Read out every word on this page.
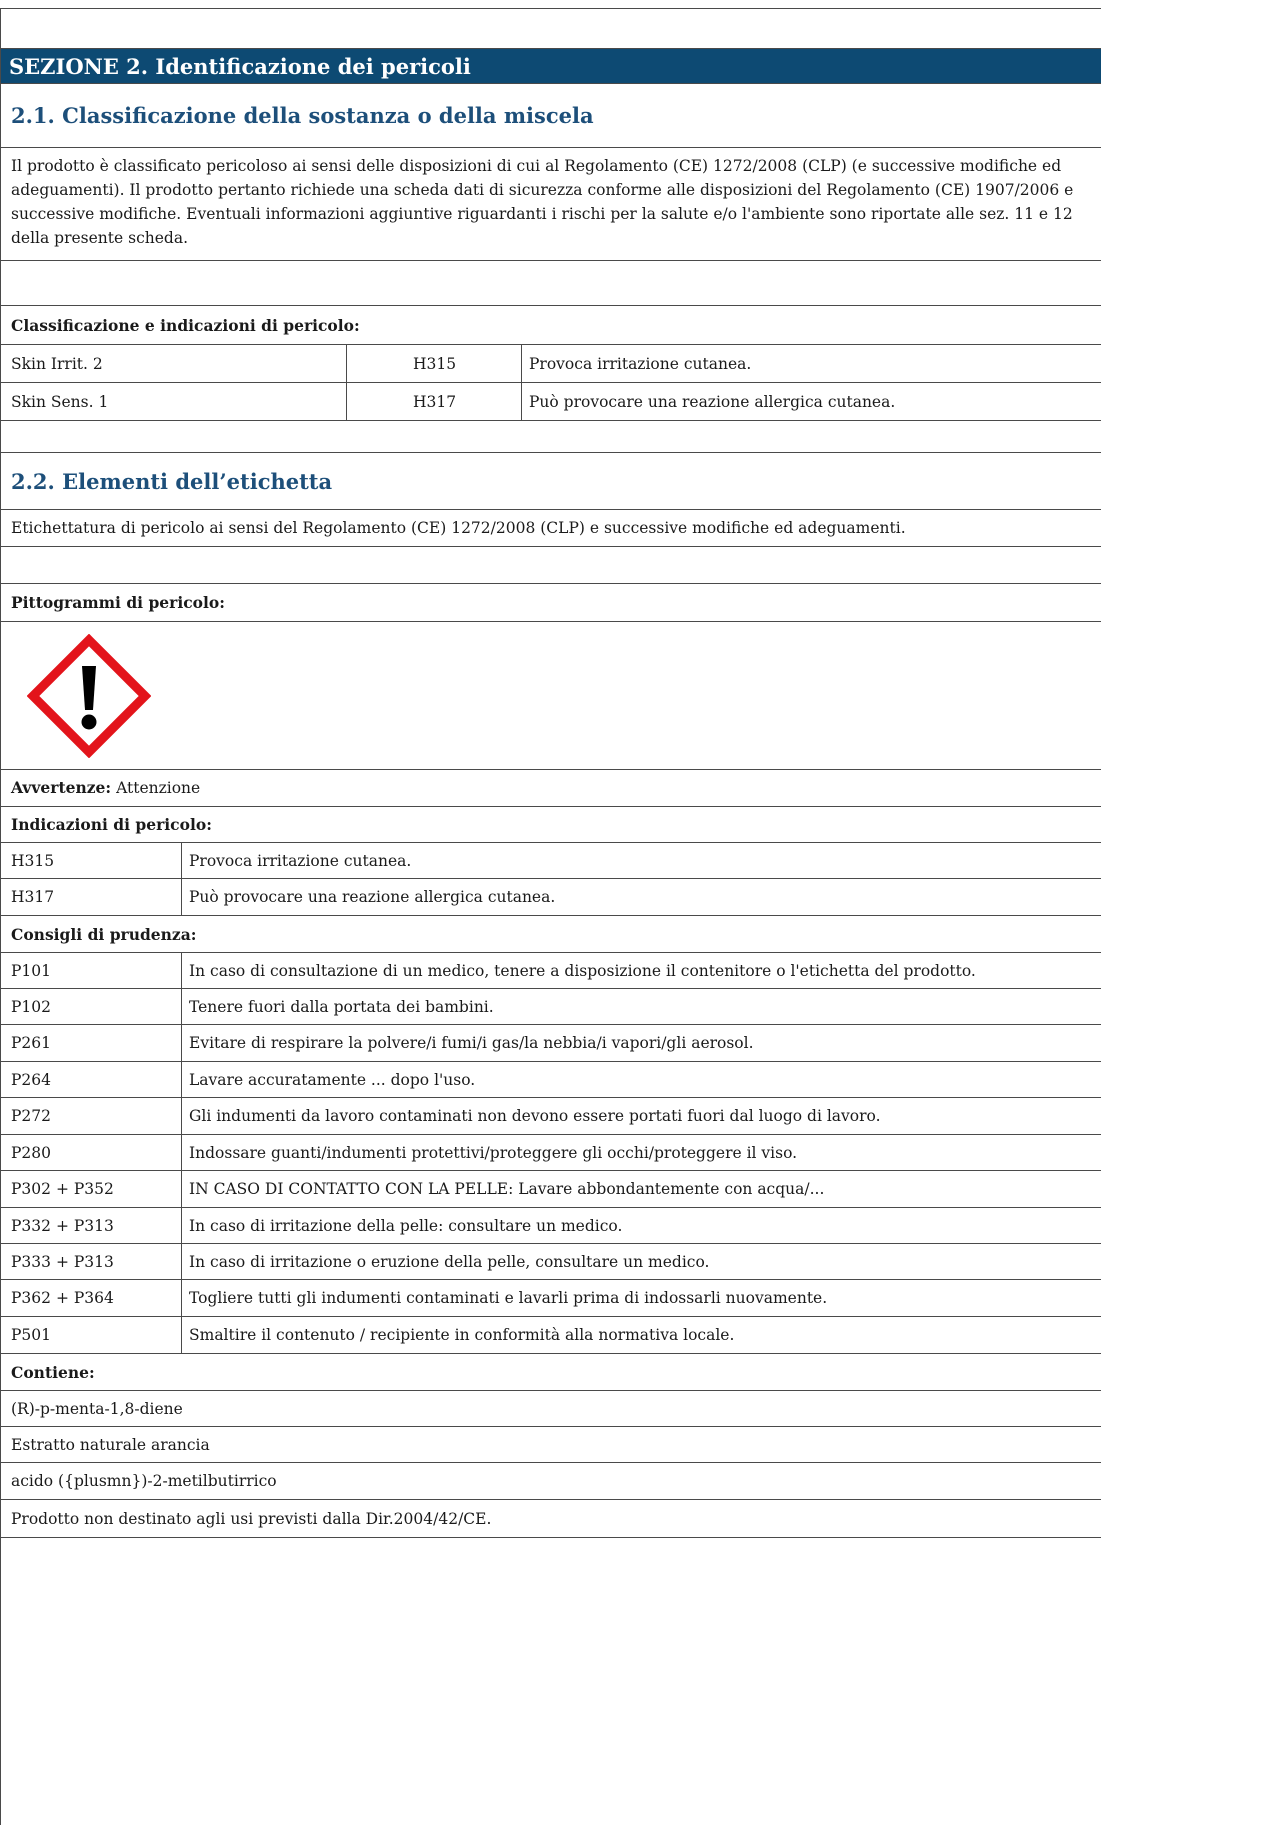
SEZIONE 2. Identificazione dei pericoli
2.1. Classificazione della sostanza o della miscela
Il prodotto è classificato pericoloso ai sensi delle disposizioni di cui al Regolamento (CE) 1272/2008 (CLP) (e successive modifiche ed
adeguamenti). Il prodotto pertanto richiede una scheda dati di sicurezza conforme alle disposizioni del Regolamento (CE) 1907/2006 e
successive modifiche. Eventuali informazioni aggiuntive riguardanti i rischi per la salute e/o l'ambiente sono riportate alle sez. 11 e 12
della presente scheda.
Classificazione e indicazioni di pericolo:
Skin Irrit. 2	H315	Provoca irritazione cutanea.
Skin Sens. 1	H317	Può provocare una reazione allergica cutanea.
2.2. Elementi dell’etichetta
Etichettatura di pericolo ai sensi del Regolamento (CE) 1272/2008 (CLP) e successive modifiche ed adeguamenti.
Pittogrammi di pericolo:
Avvertenze:
Attenzione
Indicazioni di pericolo:
H315	Provoca irritazione cutanea.
H317	Può provocare una reazione allergica cutanea.
Consigli di prudenza:
P101	In caso di consultazione di un medico, tenere a disposizione il contenitore o l'etichetta del prodotto.
P102	Tenere fuori dalla portata dei bambini.
P261	Evitare di respirare la polvere/i fumi/i gas/la nebbia/i vapori/gli aerosol.
P264	Lavare accuratamente ... dopo l'uso.
P272	Gli indumenti da lavoro contaminati non devono essere portati fuori dal luogo di lavoro.
P280	Indossare guanti/indumenti protettivi/proteggere gli occhi/proteggere il viso.
P302 + P352	IN CASO DI CONTATTO CON LA PELLE: Lavare abbondantemente con acqua/...
P332 + P313	In caso di irritazione della pelle: consultare un medico.
P333 + P313	In caso di irritazione o eruzione della pelle, consultare un medico.
P362 + P364	Togliere tutti gli indumenti contaminati e lavarli prima di indossarli nuovamente.
P501	Smaltire il contenuto / recipiente in conformità alla normativa locale.
Contiene:
(R)-p-menta-1,8-diene
Estratto naturale arancia
acido ({plusmn})-2-metilbutirrico
Prodotto non destinato agli usi previsti dalla Dir.2004/42/CE.
